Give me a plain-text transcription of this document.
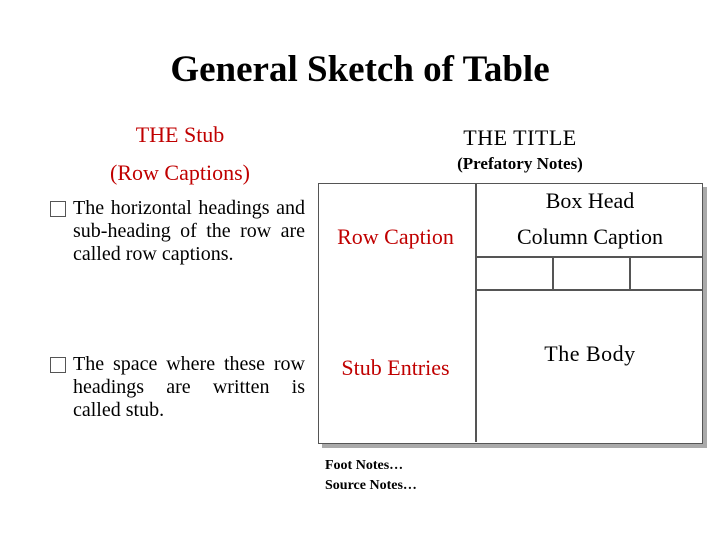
General Sketch of Table
THE Stub
(Row Captions)
THE TITLE
(Prefatory Notes)
The horizontal headings and sub-heading of the row are called row captions.
The space where these row headings are written is called stub.
Box Head
Row Caption	Column Caption
Stub Entries
The Body
Foot Notes…
Source Notes…
